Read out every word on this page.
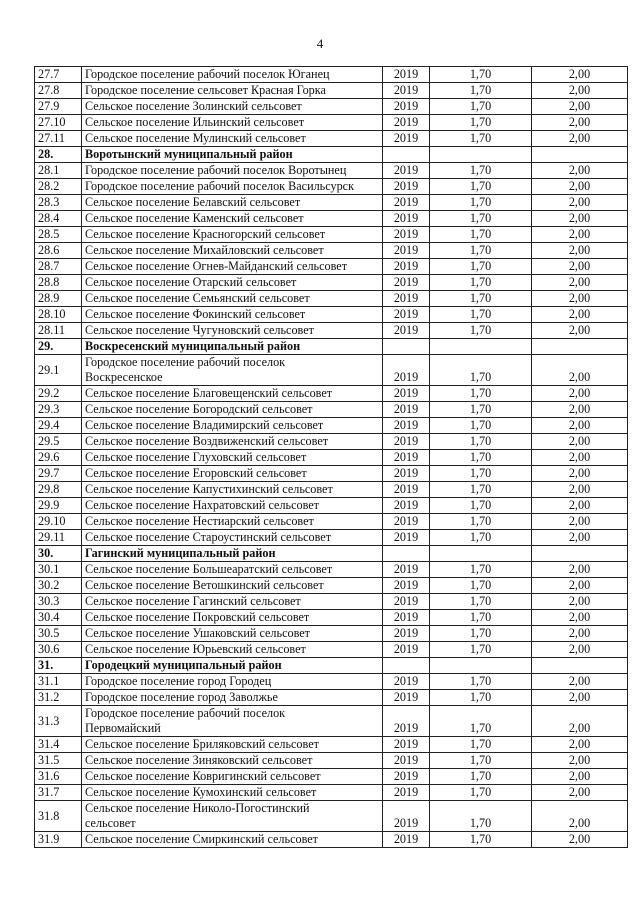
4
27.7	Городское поселение рабочий поселок Юганец	2019	1,70	2,00
27.8	Городское поселение сельсовет Красная Горка	2019	1,70	2,00
27.9	Сельское поселение Золинский сельсовет	2019	1,70	2,00
27.10	Сельское поселение Ильинский сельсовет	2019	1,70	2,00
27.11	Сельское поселение Мулинский сельсовет	2019	1,70	2,00
28.	Воротынский муниципальный район			
28.1	Городское поселение рабочий поселок Воротынец	2019	1,70	2,00
28.2	Городское поселение рабочий поселок Васильсурск	2019	1,70	2,00
28.3	Сельское поселение Белавский сельсовет	2019	1,70	2,00
28.4	Сельское поселение Каменский сельсовет	2019	1,70	2,00
28.5	Сельское поселение Красногорский сельсовет	2019	1,70	2,00
28.6	Сельское поселение Михайловский сельсовет	2019	1,70	2,00
28.7	Сельское поселение Огнев-Майданский сельсовет	2019	1,70	2,00
28.8	Сельское поселение Отарский сельсовет	2019	1,70	2,00
28.9	Сельское поселение Семьянский сельсовет	2019	1,70	2,00
28.10	Сельское поселение Фокинский сельсовет	2019	1,70	2,00
28.11	Сельское поселение Чугуновский сельсовет	2019	1,70	2,00
29.	Воскресенский муниципальный район			
29.1	Городское поселение рабочий поселок
Воскресенское	2019	1,70	2,00
29.2	Сельское поселение Благовещенский сельсовет	2019	1,70	2,00
29.3	Сельское поселение Богородский сельсовет	2019	1,70	2,00
29.4	Сельское поселение Владимирский сельсовет	2019	1,70	2,00
29.5	Сельское поселение Воздвиженский сельсовет	2019	1,70	2,00
29.6	Сельское поселение Глуховский сельсовет	2019	1,70	2,00
29.7	Сельское поселение Егоровский сельсовет	2019	1,70	2,00
29.8	Сельское поселение Капустихинский сельсовет	2019	1,70	2,00
29.9	Сельское поселение Нахратовский сельсовет	2019	1,70	2,00
29.10	Сельское поселение Нестиарский сельсовет	2019	1,70	2,00
29.11	Сельское поселение Староустинский сельсовет	2019	1,70	2,00
30.	Гагинский муниципальный район			
30.1	Сельское поселение Большеаратский сельсовет	2019	1,70	2,00
30.2	Сельское поселение Ветошкинский сельсовет	2019	1,70	2,00
30.3	Сельское поселение Гагинский сельсовет	2019	1,70	2,00
30.4	Сельское поселение Покровский сельсовет	2019	1,70	2,00
30.5	Сельское поселение Ушаковский сельсовет	2019	1,70	2,00
30.6	Сельское поселение Юрьевский сельсовет	2019	1,70	2,00
31.	Городецкий муниципальный район			
31.1	Городское поселение город Городец	2019	1,70	2,00
31.2	Городское поселение город Заволжье	2019	1,70	2,00
31.3	Городское поселение рабочий поселок
Первомайский	2019	1,70	2,00
31.4	Сельское поселение Бриляковский сельсовет	2019	1,70	2,00
31.5	Сельское поселение Зиняковский сельсовет	2019	1,70	2,00
31.6	Сельское поселение Ковригинский сельсовет	2019	1,70	2,00
31.7	Сельское поселение Кумохинский сельсовет	2019	1,70	2,00
31.8	Сельское поселение Николо-Погостинский
сельсовет	2019	1,70	2,00
31.9	Сельское поселение Смиркинский сельсовет	2019	1,70	2,00
